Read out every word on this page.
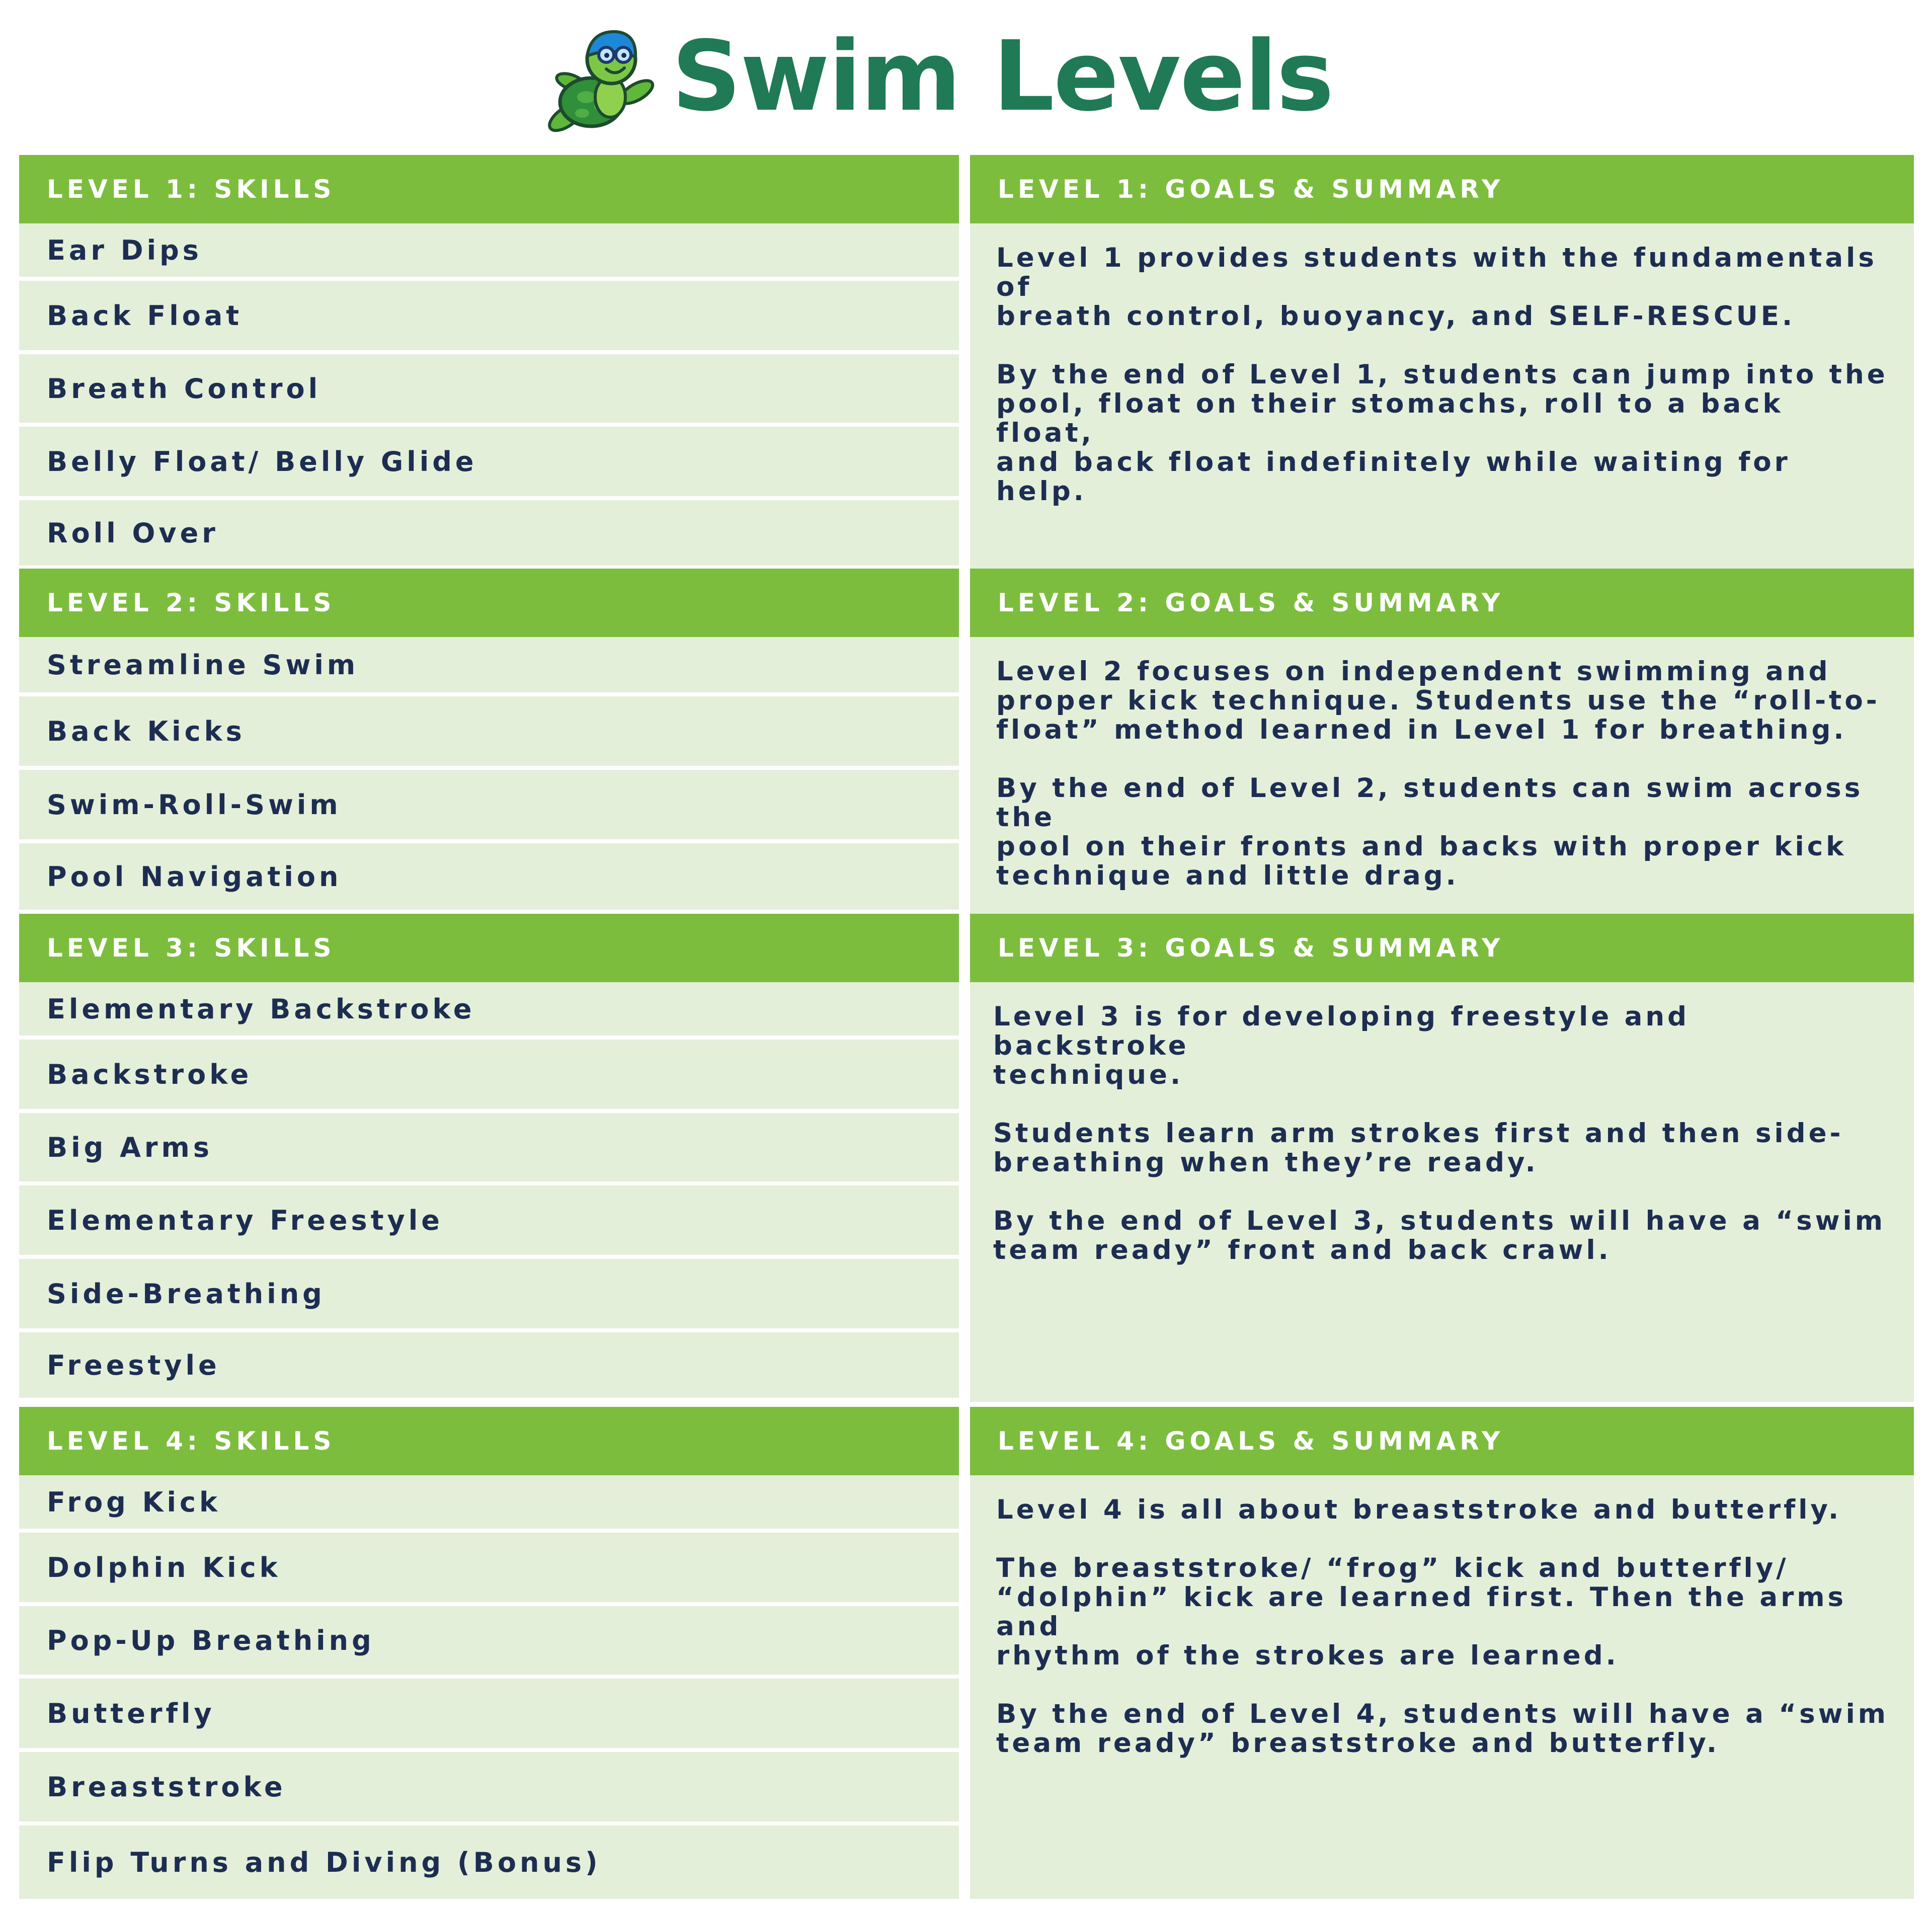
Swim Levels
LEVEL 1: SKILLS
Ear Dips
Back Float
Breath Control
Belly Float/ Belly Glide
Roll Over
LEVEL 1: GOALS & SUMMARY

Level 1 provides students with the fundamentals of
breath control, buoyancy, and SELF-RESCUE.

By the end of Level 1, students can jump into the
pool, float on their stomachs, roll to a back float,
and back float indefinitely while waiting for help.

LEVEL 2: SKILLS
Streamline Swim
Back Kicks
Swim-Roll-Swim
Pool Navigation
LEVEL 2: GOALS & SUMMARY

Level 2 focuses on independent swimming and
proper kick technique. Students use the “roll-to-
float” method learned in Level 1 for breathing.

By the end of Level 2, students can swim across the
pool on their fronts and backs with proper kick
technique and little drag.

LEVEL 3: SKILLS
Elementary Backstroke
Backstroke
Big Arms
Elementary Freestyle
Side-Breathing
Freestyle
LEVEL 3: GOALS & SUMMARY

Level 3 is for developing freestyle and backstroke
technique.

Students learn arm strokes first and then side-
breathing when they’re ready.

By the end of Level 3, students will have a “swim
team ready” front and back crawl.

LEVEL 4: SKILLS
Frog Kick
Dolphin Kick
Pop-Up Breathing
Butterfly
Breaststroke
Flip Turns and Diving (Bonus)
LEVEL 4: GOALS & SUMMARY

Level 4 is all about breaststroke and butterfly.

The breaststroke/ “frog” kick and butterfly/
“dolphin” kick are learned first. Then the arms and
rhythm of the strokes are learned.

By the end of Level 4, students will have a “swim
team ready” breaststroke and butterfly.
